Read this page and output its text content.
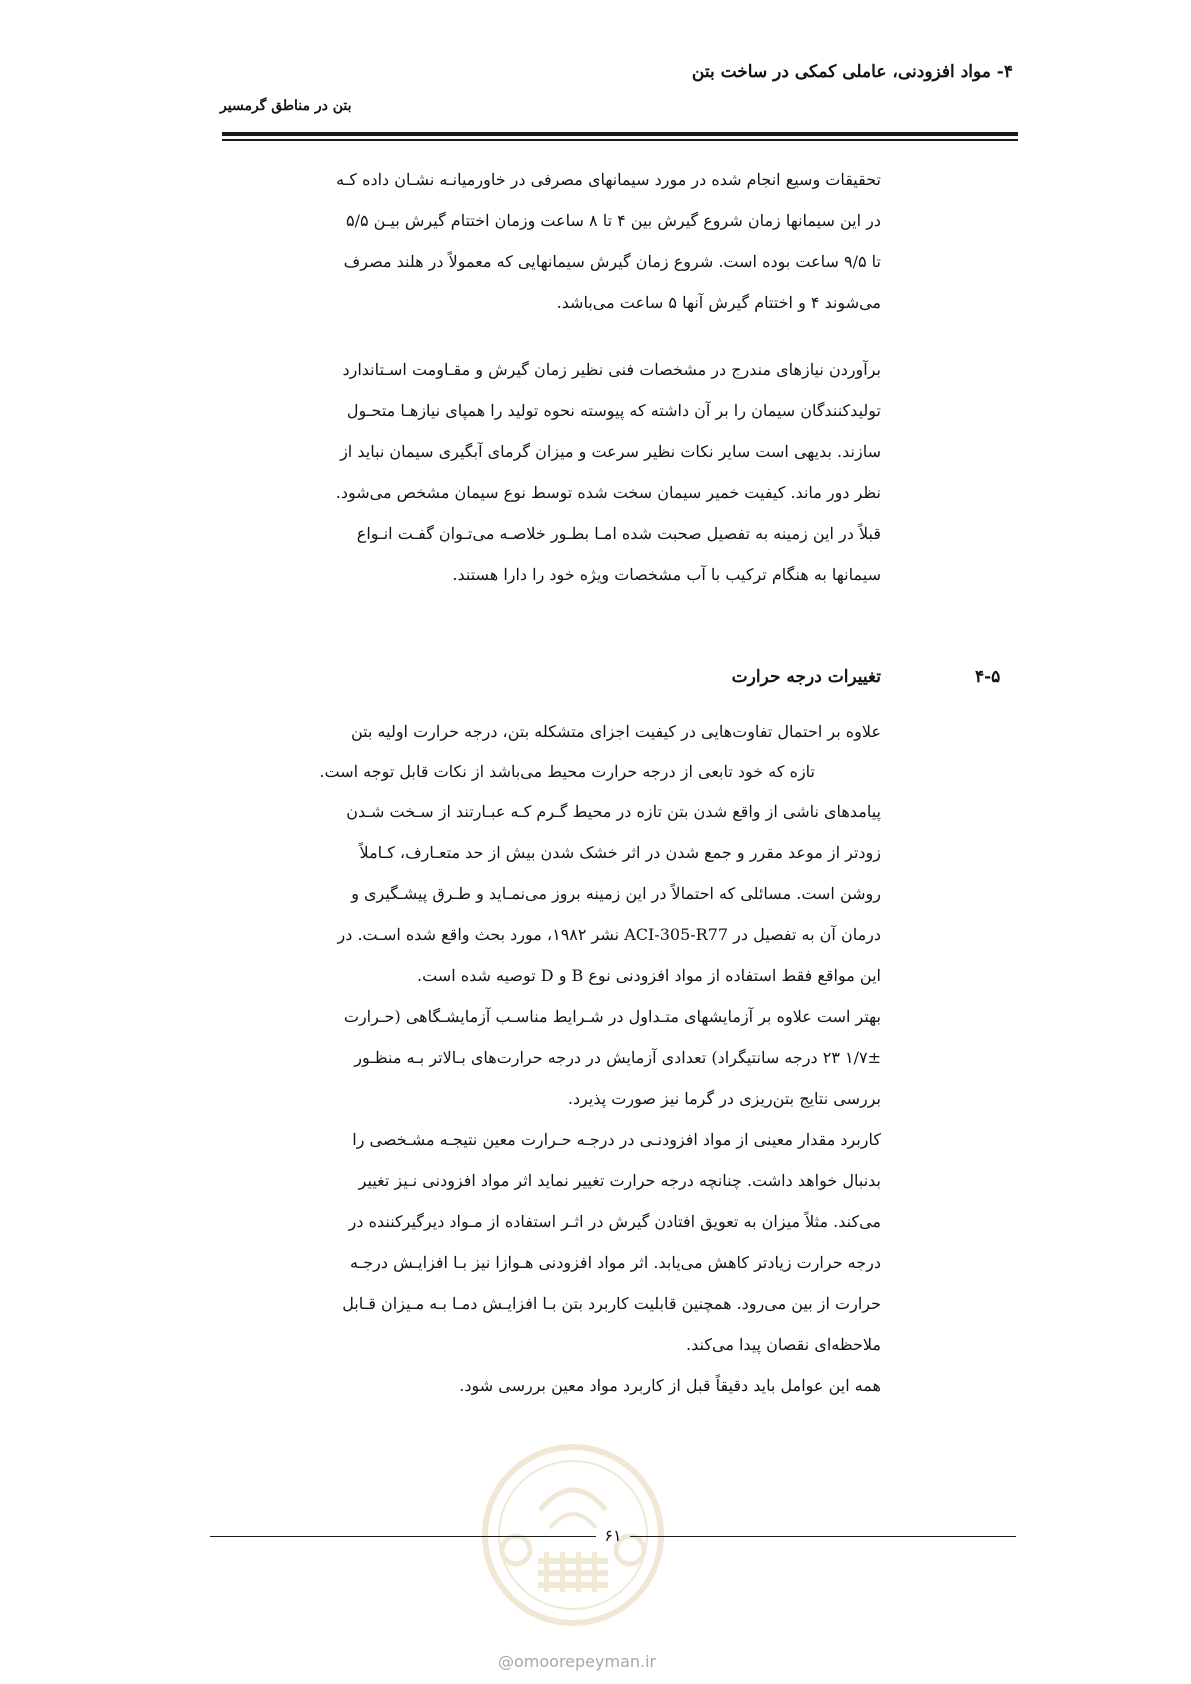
۴- مواد افزودنی، عاملی کمکی در ساخت بتن
بتن در مناطق گرمسیر
تحقیقات وسیع انجام شده در مورد سیمانهای مصرفی در خاورمیانـه نشـان داده کـه
در این سیمانها زمان شروع گیرش بین ۴ تا ۸ ساعت وزمان اختتام گیرش بیـن ۵/۵
تا ۹/۵ ساعت بوده است. شروع زمان گیرش سیمانهایی که معمولاً در هلند مصرف
می‌شوند ۴ و اختتام گیرش آنها ۵ ساعت می‌باشد.
برآوردن نیازهای مندرج در مشخصات فنی نظیر زمان گیرش و مقـاومت اسـتاندارد
تولیدکنندگان سیمان را بر آن داشته که پیوسته نحوه تولید را همپای نیازهـا متحـول
سازند. بدیهی است سایر نکات نظیر سرعت و میزان گرمای آبگیری سیمان نباید از
نظر دور ماند. کیفیت خمیر سیمان سخت شده توسط نوع سیمان مشخص می‌شود.
قبلاً در این زمینه به تفصیل صحبت شده امـا بطـور خلاصـه می‌تـوان گفـت انـواع
سیمانها به هنگام ترکیب با آب مشخصات ویژه خود را دارا هستند.
۴-۵
تغییرات درجه حرارت
علاوه بر احتمال تفاوت‌هایی در کیفیت اجزای متشکله بتن، درجه حرارت اولیه بتن
تازه که خود تابعی از درجه حرارت محیط می‌باشد از نکات قابل توجه است.
پیامدهای ناشی از واقع شدن بتن تازه در محیط گـرم کـه عبـارتند از سـخت شـدن
زودتر از موعد مقرر و جمع شدن در اثر خشک شدن بیش از حد متعـارف، کـاملاً
روشن است. مسائلی که احتمالاً در این زمینه بروز می‌نمـاید و طـرق پیشـگیری و
درمان آن به تفصیل در ACI-305-R77 نشر ۱۹۸۲، مورد بحث واقع شده اسـت. در
این مواقع فقط استفاده از مواد افزودنی نوع B و D توصیه شده است.
بهتر است علاوه بر آزمایشهای متـداول در شـرایط مناسـب آزمایشـگاهی (حـرارت
۱/۷± ۲۳ درجه سانتیگراد) تعدادی آزمایش در درجه حرارت‌های بـالاتر بـه منظـور
بررسی نتایج بتن‌ریزی در گرما نیز صورت پذیرد.
کاربرد مقدار معینی از مواد افزودنـی در درجـه حـرارت معین نتیجـه مشـخصی را
بدنبال خواهد داشت. چنانچه درجه حرارت تغییر نماید اثر مواد افزودنی نـیز تغییر
می‌کند. مثلاً میزان به تعویق افتادن گیرش در اثـر استفاده از مـواد دیرگیرکننده در
درجه حرارت زیادتر کاهش می‌یابد. اثر مواد افزودنی هـوازا نیز بـا افزایـش درجـه
حرارت از بین می‌رود. همچنین قابلیت کاربرد بتن بـا افزایـش دمـا بـه مـیزان قـابل
ملاحظه‌ای نقصان پیدا می‌کند.
همه این عوامل باید دقیقاً قبل از کاربرد مواد معین بررسی شود.
۶۱
@omoorepeyman.ir
